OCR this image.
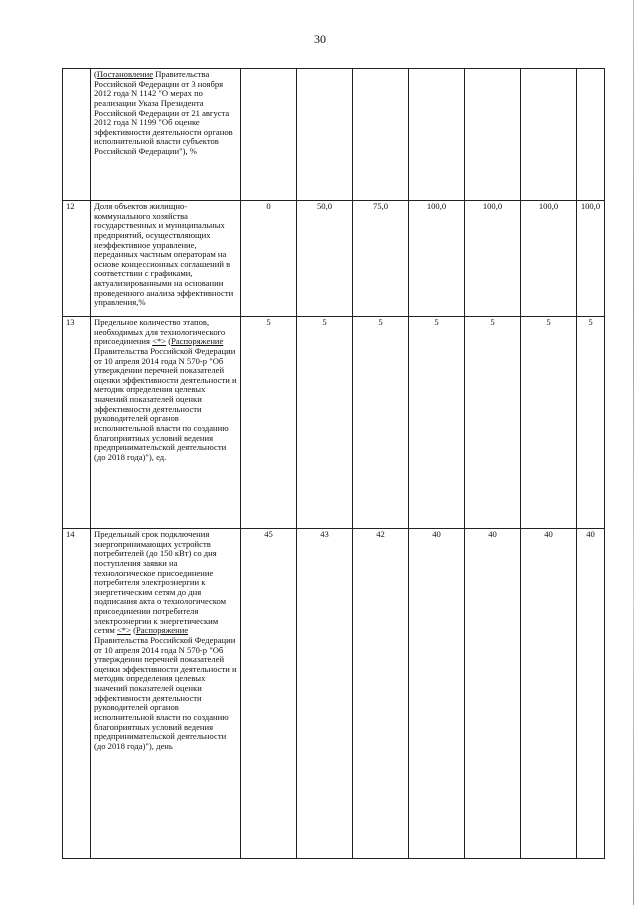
30
	(Постановление Правительства Российской Федерации от 3 ноября 2012 года N 1142 "О мерах по реализации Указа Президента Российской Федерации от 21 августа 2012 года N 1199 "Об оценке эффективности деятельности органов исполнительной власти субъектов Российской Федерации"), %								
12	Доля объектов жилищно-коммунального хозяйства государственных и муниципальных предприятий, осуществляющих неэффективное управление, переданных частным операторам на основе концессионных соглашений в соответствии с графиками, актуализированными на основании проведенного анализа эффективности управления,%	0	50,0	75,0	100,0	100,0	100,0	100,0	
13	Предельное количество этапов, необходимых для технологического присоединения <*> (Распоряжение Правительства Российской Федерации от 10 апреля 2014 года N 570-р "Об утверждении перечней показателей оценки эффективности деятельности и методик определения целевых значений показателей оценки эффективности деятельности руководителей органов исполнительной власти по созданию благоприятных условий ведения предпринимательской деятельности (до 2018 года)"), ед.	5	5	5	5	5	5	5	
14	Предельный срок подключения энергопринимающих устройств потребителей (до 150 кВт) со дня поступления заявки на технологическое присоединение потребителя электроэнергии к энергетическим сетям до дня подписания акта о технологическом присоединении потребителя электроэнергии к энергетическим сетям <*> (Распоряжение Правительства Российской Федерации от 10 апреля 2014 года N 570-р "Об утверждении перечней показателей оценки эффективности деятельности и методик определения целевых значений показателей оценки эффективности деятельности руководителей органов исполнительной власти по созданию благоприятных условий ведения предпринимательской деятельности (до 2018 года)"), день	45	43	42	40	40	40	40	
